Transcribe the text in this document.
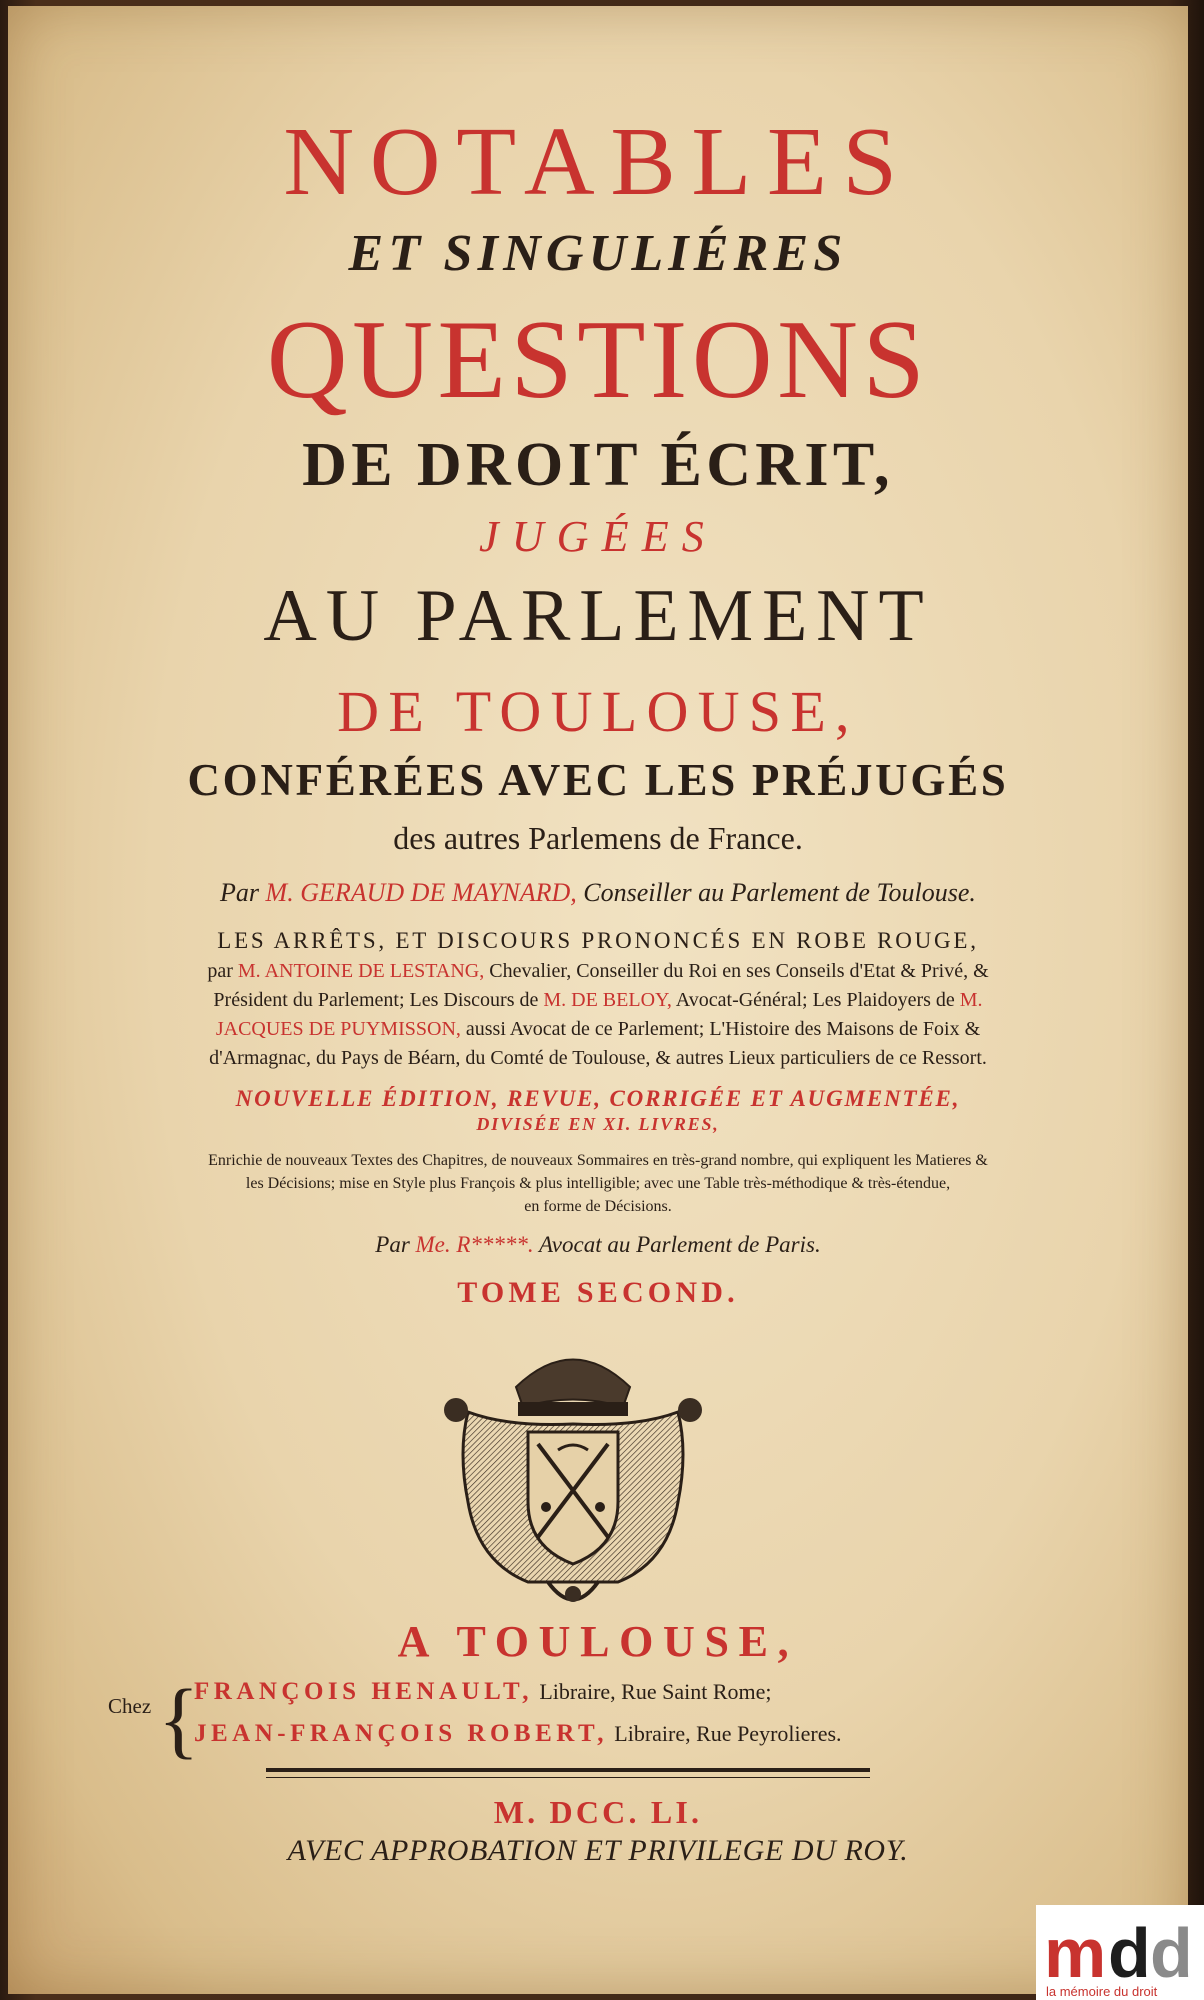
NOTABLES
ET SINGULIÉRES
QUESTIONS
DE DROIT ÉCRIT,
JUGÉES
AU PARLEMENT
DE TOULOUSE,
CONFÉRÉES AVEC LES PRÉJUGÉS
des autres Parlemens de France.
Par M. GERAUD DE MAYNARD, Conseiller au Parlement de Toulouse.
LES ARRÊTS, ET DISCOURS PRONONCÉS EN ROBE ROUGE,
par M. ANTOINE DE LESTANG, Chevalier, Conseiller du Roi en ses Conseils d'Etat & Privé, &
Président du Parlement; Les Discours de M. DE BELOY, Avocat-Général; Les Plaidoyers de M.
JACQUES DE PUYMISSON, aussi Avocat de ce Parlement; L'Histoire des Maisons de Foix &
d'Armagnac, du Pays de Béarn, du Comté de Toulouse, & autres Lieux particuliers de ce Ressort.
NOUVELLE ÉDITION, REVUE, CORRIGÉE ET AUGMENTÉE,
DIVISÉE EN XI. LIVRES,
Enrichie de nouveaux Textes des Chapitres, de nouveaux Sommaires en très-grand nombre, qui expliquent les Matieres &
les Décisions; mise en Style plus François & plus intelligible; avec une Table très-méthodique & très-étendue,
en forme de Décisions.
Par Me. R*****. Avocat au Parlement de Paris.
TOME SECOND.
A TOULOUSE,
Chez {
FRANÇOIS HENAULT, Libraire, Rue Saint Rome;
JEAN-FRANÇOIS ROBERT, Libraire, Rue Peyrolieres.
M. DCC. LI.
AVEC APPROBATION ET PRIVILEGE DU ROY.
m d d
la mémoire du droit
